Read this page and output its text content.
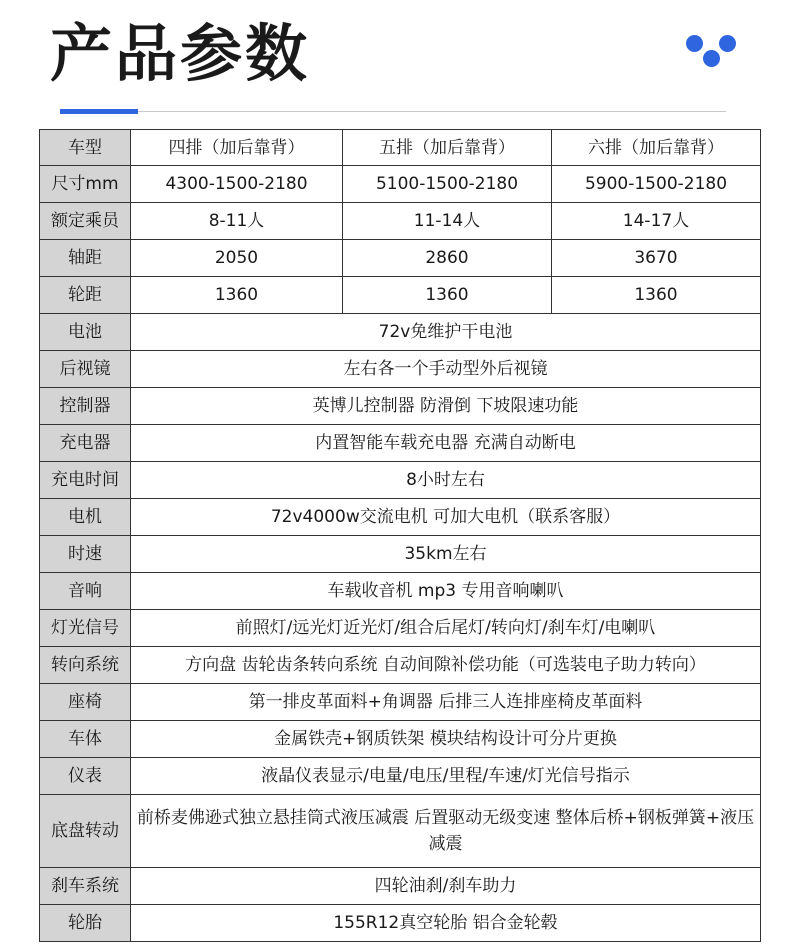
产品参数
车型	四排（加后靠背）	五排（加后靠背）	六排（加后靠背）
尺寸mm	4300-1500-2180	5100-1500-2180	5900-1500-2180
额定乘员	8-11人	11-14人	14-17人
轴距	2050	2860	3670
轮距	1360	1360	1360
电池	72v免维护干电池		
后视镜	左右各一个手动型外后视镜		
控制器	英博儿控制器 防滑倒 下坡限速功能		
充电器	内置智能车载充电器 充满自动断电		
充电时间	8小时左右		
电机	72v4000w交流电机 可加大电机（联系客服）		
时速	35km左右		
音响	车载收音机 mp3 专用音响喇叭		
灯光信号	前照灯/远光灯近光灯/组合后尾灯/转向灯/刹车灯/电喇叭		
转向系统	方向盘 齿轮齿条转向系统 自动间隙补偿功能（可选装电子助力转向）		
座椅	第一排皮革面料+角调器 后排三人连排座椅皮革面料		
车体	金属铁壳+钢质铁架 模块结构设计可分片更换		
仪表	液晶仪表显示/电量/电压/里程/车速/灯光信号指示		
底盘转动	前桥麦佛逊式独立悬挂筒式液压减震 后置驱动无级变速 整体后桥+钢板弹簧+液压减震		
刹车系统	四轮油刹/刹车助力		
轮胎	155R12真空轮胎 铝合金轮毂		
